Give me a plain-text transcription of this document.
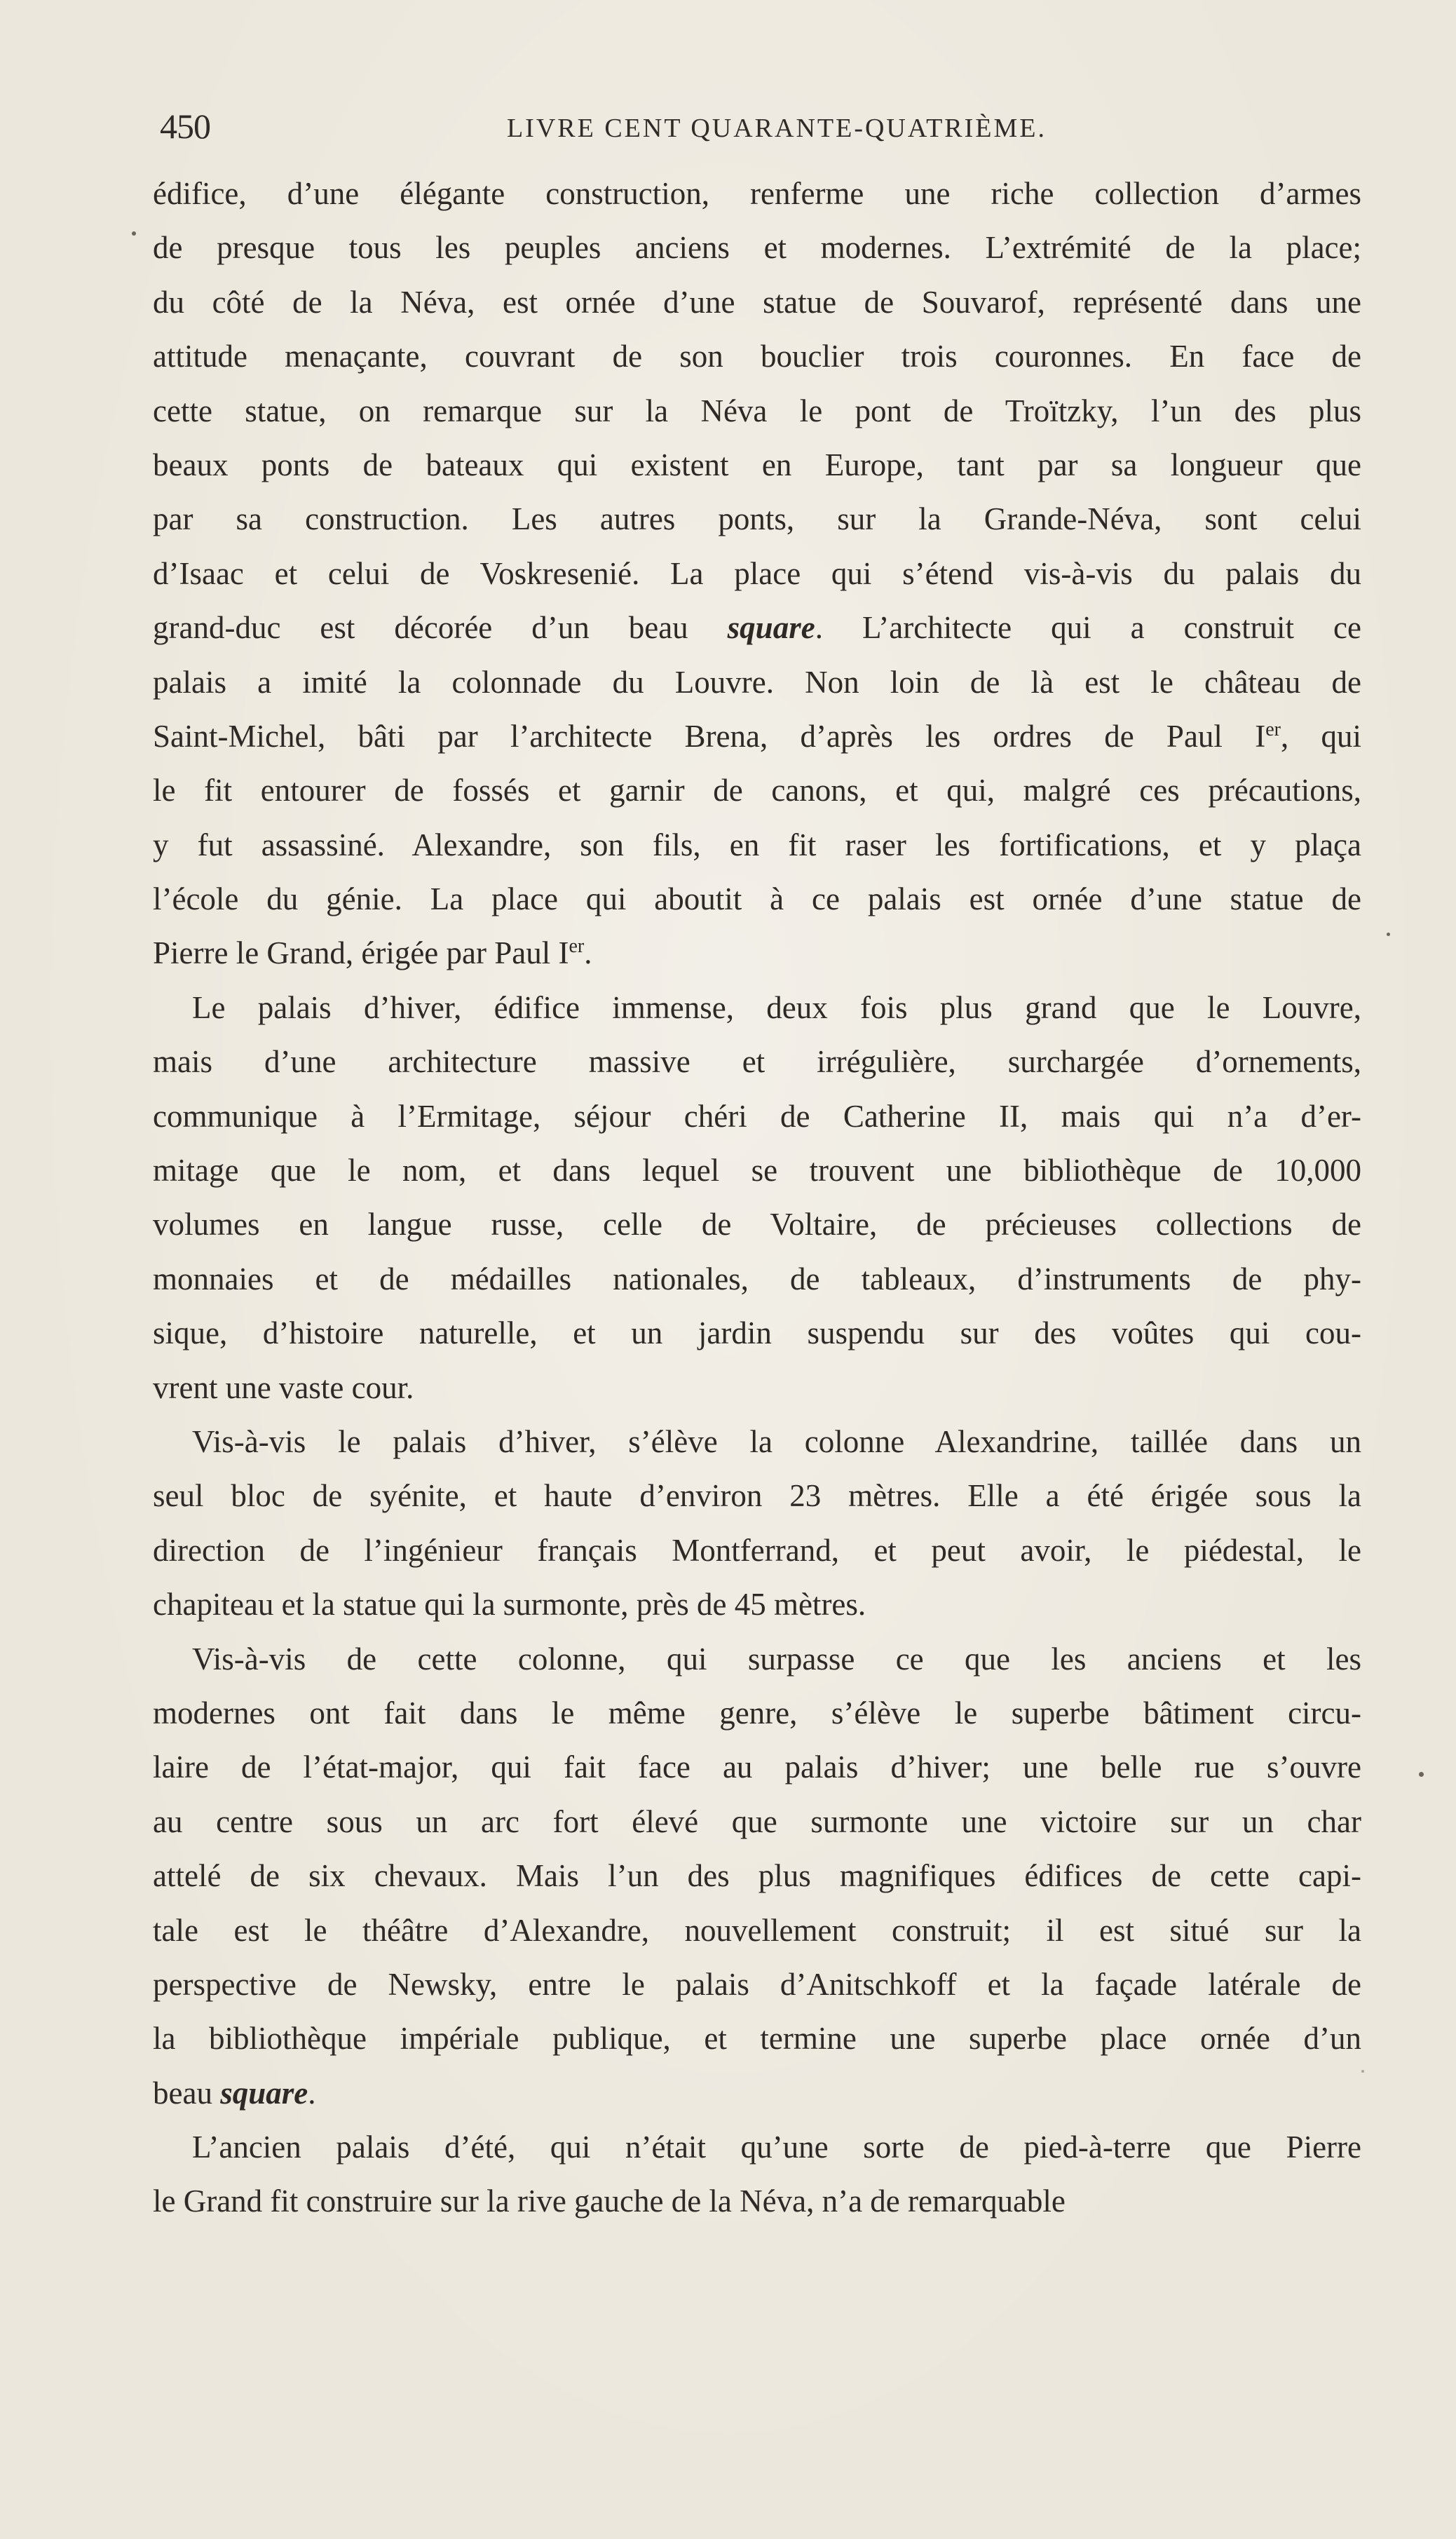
450	LIVRE CENT QUARANTE-QUATRIÈME.
édifice, d’une élégante construction, renferme une riche collection d’armes
de presque tous les peuples anciens et modernes. L’extrémité de la place;
du côté de la Néva, est ornée d’une statue de Souvarof, représenté dans une
attitude menaçante, couvrant de son bouclier trois couronnes. En face de
cette statue, on remarque sur la Néva le pont de Troïtzky, l’un des plus
beaux ponts de bateaux qui existent en Europe, tant par sa longueur que
par sa construction. Les autres ponts, sur la Grande-Néva, sont celui
d’Isaac et celui de Voskresenié. La place qui s’étend vis-à-vis du palais du
grand-duc est décorée d’un beau square. L’architecte qui a construit ce
palais a imité la colonnade du Louvre. Non loin de là est le château de
Saint-Michel, bâti par l’architecte Brena, d’après les ordres de Paul Ier, qui
le fit entourer de fossés et garnir de canons, et qui, malgré ces précautions,
y fut assassiné. Alexandre, son fils, en fit raser les fortifications, et y plaça
l’école du génie. La place qui aboutit à ce palais est ornée d’une statue de
Pierre le Grand, érigée par Paul Ier.
Le palais d’hiver, édifice immense, deux fois plus grand que le Louvre,
mais d’une architecture massive et irrégulière, surchargée d’ornements,
communique à l’Ermitage, séjour chéri de Catherine II, mais qui n’a d’er-
mitage que le nom, et dans lequel se trouvent une bibliothèque de 10,000
volumes en langue russe, celle de Voltaire, de précieuses collections de
monnaies et de médailles nationales, de tableaux, d’instruments de phy-
sique, d’histoire naturelle, et un jardin suspendu sur des voûtes qui cou-
vrent une vaste cour.
Vis-à-vis le palais d’hiver, s’élève la colonne Alexandrine, taillée dans un
seul bloc de syénite, et haute d’environ 23 mètres. Elle a été érigée sous la
direction de l’ingénieur français Montferrand, et peut avoir, le piédestal, le
chapiteau et la statue qui la surmonte, près de 45 mètres.
Vis-à-vis de cette colonne, qui surpasse ce que les anciens et les
modernes ont fait dans le même genre, s’élève le superbe bâtiment circu-
laire de l’état-major, qui fait face au palais d’hiver; une belle rue s’ouvre
au centre sous un arc fort élevé que surmonte une victoire sur un char
attelé de six chevaux. Mais l’un des plus magnifiques édifices de cette capi-
tale est le théâtre d’Alexandre, nouvellement construit; il est situé sur la
perspective de Newsky, entre le palais d’Anitschkoff et la façade latérale de
la bibliothèque impériale publique, et termine une superbe place ornée d’un
beau square.
L’ancien palais d’été, qui n’était qu’une sorte de pied-à-terre que Pierre
le Grand fit construire sur la rive gauche de la Néva, n’a de remarquable
